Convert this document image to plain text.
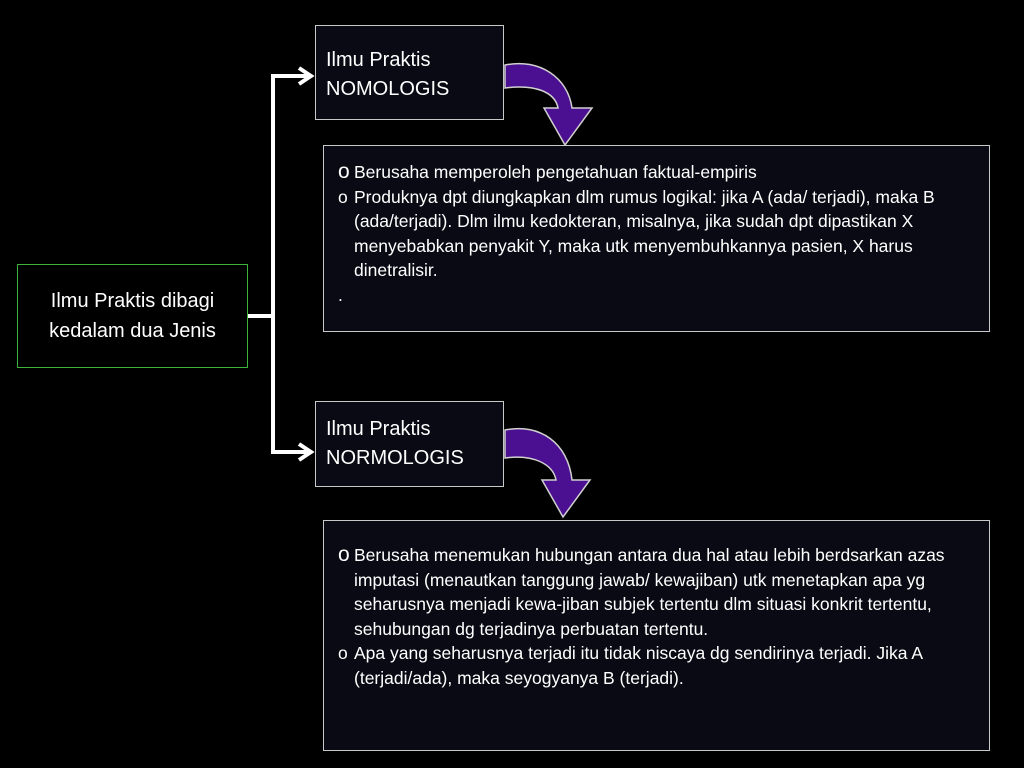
Ilmu Praktis dibagi
kedalam dua Jenis
Ilmu Praktis
NOMOLOGIS
o Berusaha memperoleh pengetahuan faktual-empiris
o Produknya dpt diungkapkan dlm rumus logikal: jika A (ada/ terjadi), maka B (ada/terjadi). Dlm ilmu kedokteran, misalnya, jika sudah dpt dipastikan X menyebabkan penyakit Y, maka utk menyembuhkannya pasien, X harus dinetralisir.
.
Ilmu Praktis
NORMOLOGIS
o Berusaha menemukan hubungan antara dua hal atau lebih berdsarkan azas imputasi (menautkan tanggung jawab/ kewajiban) utk menetapkan apa yg seharusnya menjadi kewa-jiban subjek tertentu dlm situasi konkrit tertentu, sehubungan dg terjadinya perbuatan tertentu.
o Apa yang seharusnya terjadi itu tidak niscaya dg sendirinya terjadi. Jika A (terjadi/ada), maka seyogyanya B (terjadi).
